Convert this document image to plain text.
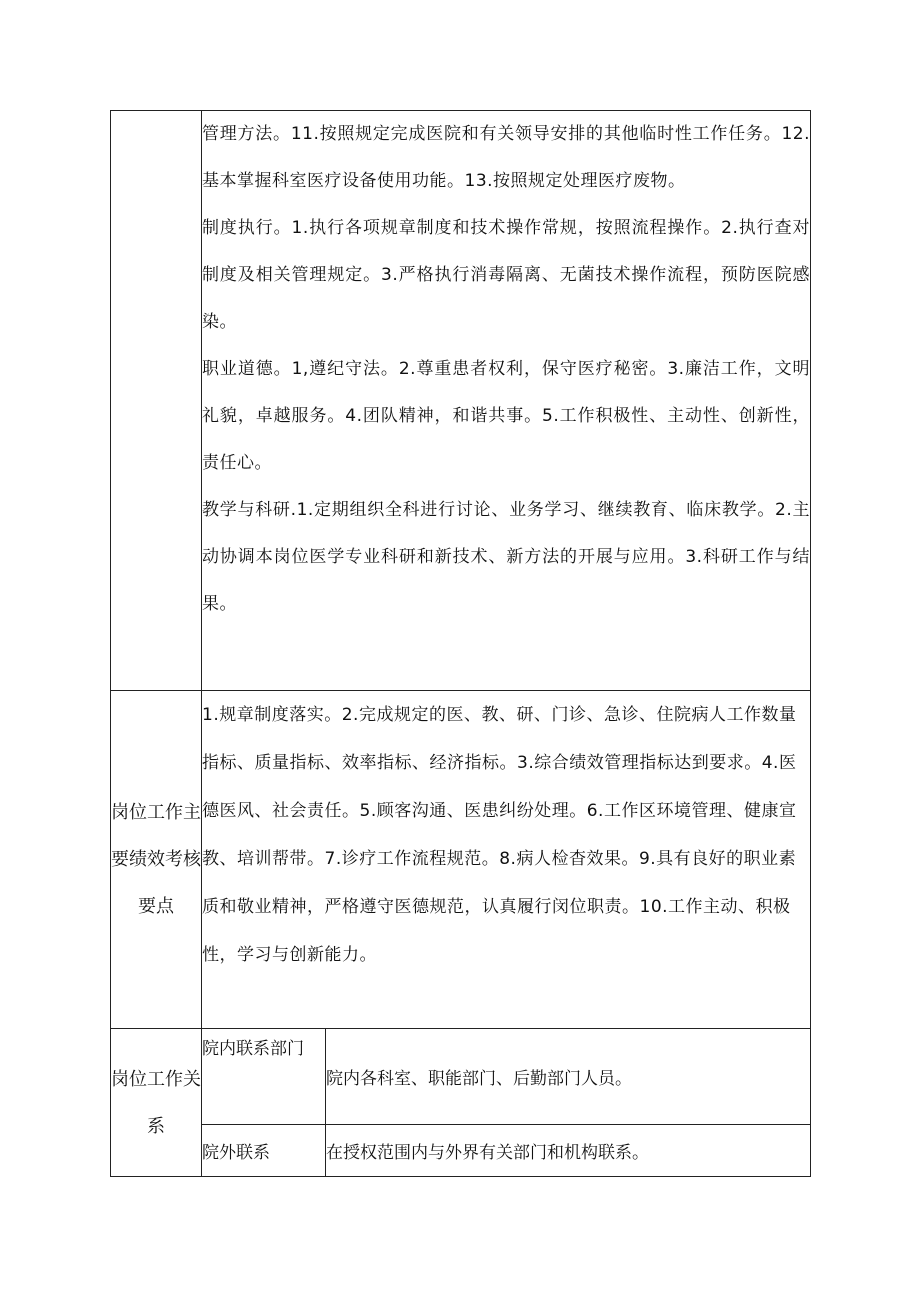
	管理方法。11.按照规定完成医院和有关领导安排的其他临时性工作任务。12.基本掌握科室医疗设备使用功能。13.按照规定处理医疗废物。

制度执行。1.执行各项规章制度和技术操作常规，按照流程操作。2.执行查对制度及相关管理规定。3.严格执行消毒隔离、无菌技术操作流程，预防医院感染。

职业道德。1,遵纪守法。2.尊重患者权利，保守医疗秘密。3.廉洁工作，文明礼貌，卓越服务。4.团队精神，和谐共事。5.工作积极性、主动性、创新性，责任心。

教学与科研.1.定期组织全科进行讨论、业务学习、继续教育、临床教学。2.主动协调本岗位医学专业科研和新技术、新方法的开展与应用。3.科研工作与结果。	

岗位工作主要绩效考核要点	1.规章制度落实。2.完成规定的医、教、研、门诊、急诊、住院病人工作数量指标、质量指标、效率指标、经济指标。3.综合绩效管理指标达到要求。4.医德医风、社会责任。5.顾客沟通、医患纠纷处理。6.工作区环境管理、健康宣教、培训帮带。7.诊疗工作流程规范。8.病人检杳效果。9.具有良好的职业素质和敬业精神，严格遵守医德规范，认真履行闵位职责。10.工作主动、积极性，学习与创新能力。	

岗位工作关系	院内联系部门	院内各科室、职能部门、后勤部门人员。
	院外联系	在授权范围内与外界有关部门和机构联系。
